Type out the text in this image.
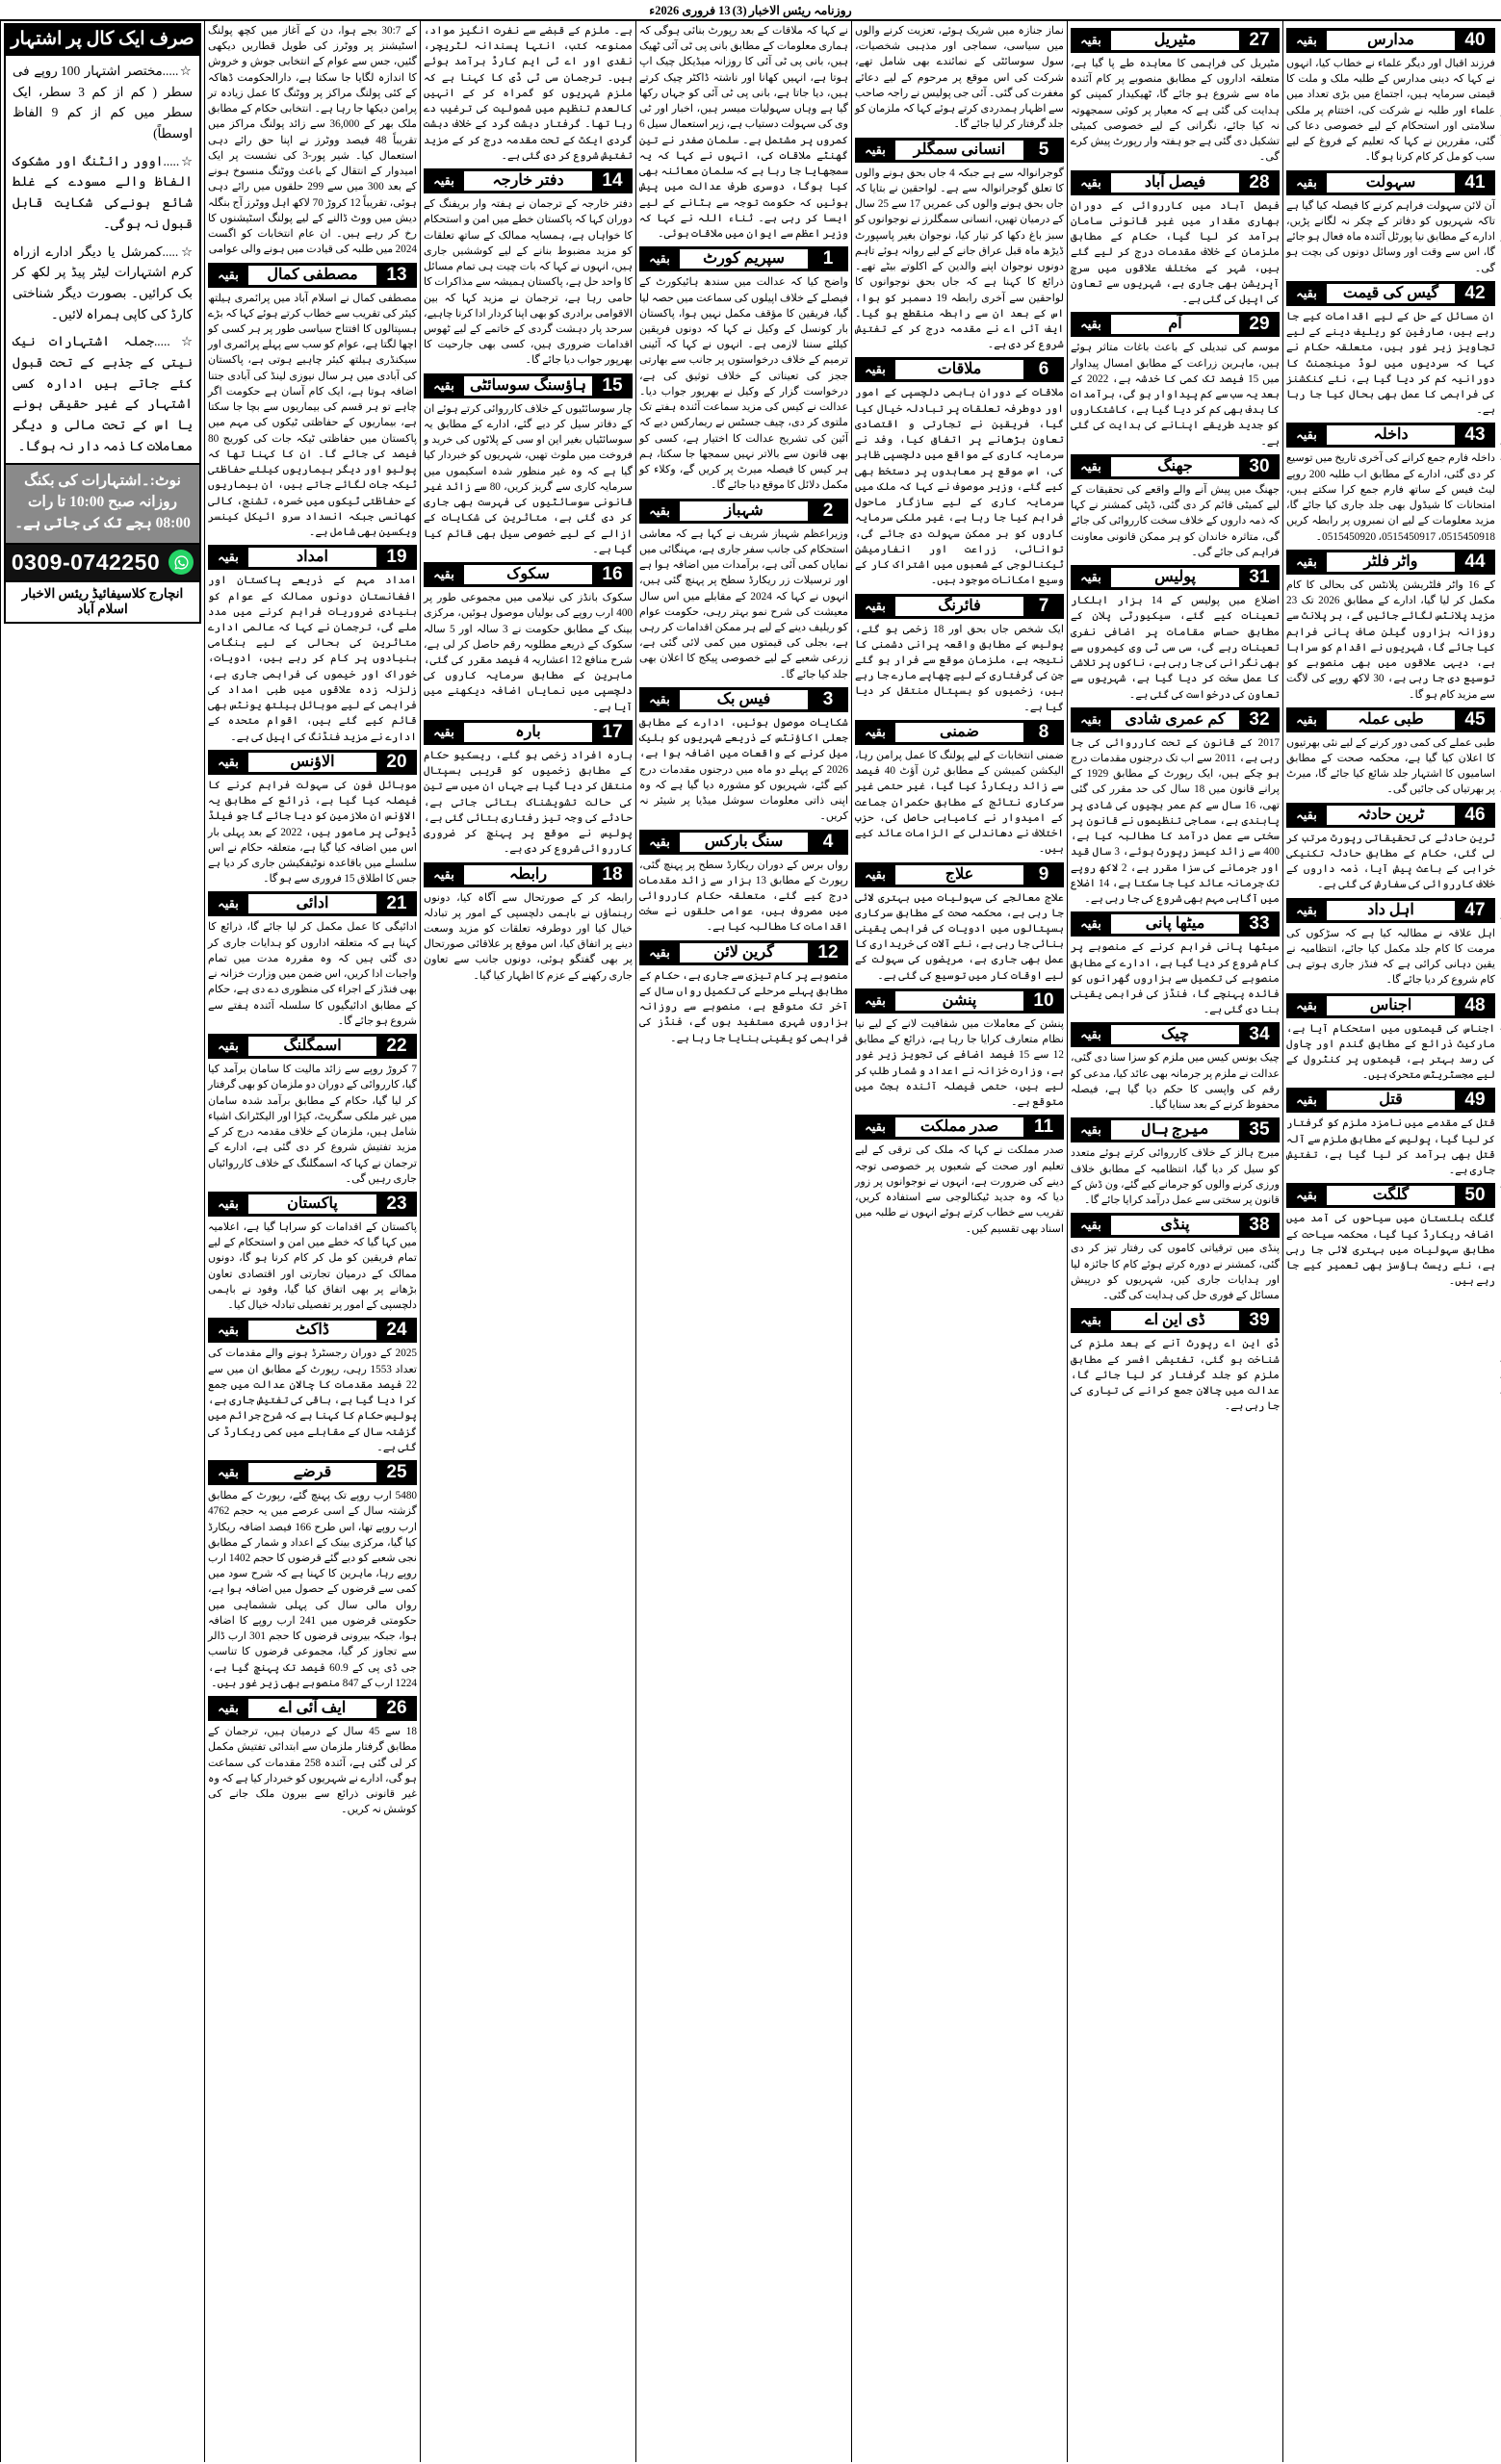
روزنامہ ریئس الاخبار
(3)
13 فروری 2026ء
صرف ایک کال پر اشتہار

☆.....مختصر اشتہار 100 روپے فی سطر ( کم از کم 3 سطر، ایک سطر میں کم از کم 9 الفاظ اوسطاً)

☆.....اوور رائٹنگ اور مشکوک الفاظ والے مسودے کے غلط شائع ہونےکی شکایت قابل قبول نہ ہوگی۔

☆.....کمرشل یا دیگر ادارے ازراہ کرم اشتہارات لیٹر پیڈ پر لکھ کر بک کرائیں۔ بصورت دیگر شناختی کارڈ کی کاپی ہمراہ لائیں۔

☆.....جملہ اشتہارات نیک نیتی کے جذبے کے تحت قبول کئے جاتے ہیں ادارہ کسی اشتہار کے غیر حقیقی ہونے یا اس کے تحت مالی و دیگر معاملات کا ذمہ دار نہ ہوگا۔

نوٹ:۔اشتہارات کی بکنگ روزانہ صبح 10:00 تا رات 08:00 بجے تک کی جاتی ہے۔
0309-0742250
انچارج کلاسیفائیڈ ریئس الاخبار اسلام آباد

کے 30:7 بجے ہوا، دن کے آغاز میں کچھ پولنگ اسٹیشنز پر ووٹرز کی طویل قطاریں دیکھی گئیں، جس سے عوام کے انتخابی جوش و خروش کا اندازہ لگایا جا سکتا ہے، دارالحکومت ڈھاکہ کے کئی پولنگ مراکز پر ووٹنگ کا عمل زیادہ تر پرامن دیکھا جا رہا ہے۔ انتخابی حکام کے مطابق ملک بھر کے 36,000 سے زائد پولنگ مراکز میں تقریباً 48 فیصد ووٹرز نے اپنا حق رائے دہی استعمال کیا۔ شیر پور-3 کی نشست پر ایک امیدوار کے انتقال کے باعث ووٹنگ منسوخ ہونے کے بعد 300 میں سے 299 حلقوں میں رائے دہی ہوئی، تقریباً 12 کروڑ 70 لاکھ اہل ووٹرز آج بنگلہ دیش میں ووٹ ڈالنے کے لیے پولنگ اسٹیشنوں کا رخ کر رہے ہیں۔ ان عام انتخابات کو اگست 2024 میں طلبہ کی قیادت میں ہونے والی عوامی

بقیہ	مصطفی کمال	13

مصطفی کمال نے اسلام آباد میں پرائمری ہیلتھ کیئر کی تقریب سے خطاب کرتے ہوئے کہا کہ بڑے ہسپتالوں کا افتتاح سیاسی طور پر ہر کسی کو اچھا لگتا ہے، عوام کو سب سے پہلے پرائمری اور سیکنڈری ہیلتھ کیئر چاہیے ہوتی ہے، پاکستان کی آبادی میں ہر سال نیوزی لینڈ کی آبادی جتنا اضافہ ہوتا ہے، ایک کام آسان ہے حکومت اگر چاہے تو ہر قسم کی بیماریوں سے بچا جا سکتا ہے، بیماریوں کے حفاظتی ٹیکوں کی مہم میں پاکستان میں حفاظتی ٹیکہ جات کی کوریج 80 فیصد کی جائے گا۔ ان کا کہنا تھا کہ پولیو اور دیگر بیماریوں کیلئے حفاظتی ٹیکہ جات لگائے جاتے ہیں، ان بیماریوں کے حفاظتی ٹیکوں میں خسرہ، تشنج، کالی کھانسی جبکہ انسداد سرو ائیکل کینسر ویکسین بھی شامل ہے۔

بقیہ	امداد	19

امداد مہم کے ذریعے پاکستان اور افغانستان دونوں ممالک کے عوام کو بنیادی ضروریات فراہم کرنے میں مدد ملے گی، ترجمان نے کہا کہ عالمی ادارے متاثرین کی بحالی کے لیے ہنگامی بنیادوں پر کام کر رہے ہیں، ادویات، خوراک اور خیموں کی فراہمی جاری ہے، زلزلہ زدہ علاقوں میں طبی امداد کی فراہمی کے لیے موبائل ہیلتھ یونٹس بھی قائم کیے گئے ہیں، اقوام متحدہ کے ادارے نے مزید فنڈنگ کی اپیل کی ہے۔

بقیہ	الاؤنس	20

موبائل فون کی سہولت فراہم کرنے کا فیصلہ کیا گیا ہے، ذرائع کے مطابق یہ الاؤنس ان ملازمین کو دیا جائے گا جو فیلڈ ڈیوٹی پر مامور ہیں، 2022 کے بعد پہلی بار اس میں اضافہ کیا گیا ہے، متعلقہ حکام نے اس سلسلے میں باقاعدہ نوٹیفکیشن جاری کر دیا ہے جس کا اطلاق 15 فروری سے ہو گا۔

بقیہ	ادائی	21

ادائیگی کا عمل مکمل کر لیا جائے گا، ذرائع کا کہنا ہے کہ متعلقہ اداروں کو ہدایات جاری کر دی گئی ہیں کہ وہ مقررہ مدت میں تمام واجبات ادا کریں، اس ضمن میں وزارت خزانہ نے بھی فنڈز کے اجراء کی منظوری دے دی ہے، حکام کے مطابق ادائیگیوں کا سلسلہ آئندہ ہفتے سے شروع ہو جائے گا۔

بقیہ	اسمگلنگ	22

7 کروڑ روپے سے زائد مالیت کا سامان برآمد کیا گیا، کارروائی کے دوران دو ملزمان کو بھی گرفتار کر لیا گیا، حکام کے مطابق برآمد شدہ سامان میں غیر ملکی سگریٹ، کپڑا اور الیکٹرانک اشیاء شامل ہیں، ملزمان کے خلاف مقدمہ درج کر کے مزید تفتیش شروع کر دی گئی ہے، ادارے کے ترجمان نے کہا کہ اسمگلنگ کے خلاف کارروائیاں جاری رہیں گی۔

بقیہ	پاکستان	23

پاکستان کے اقدامات کو سراہا گیا ہے، اعلامیہ میں کہا گیا کہ خطے میں امن و استحکام کے لیے تمام فریقین کو مل کر کام کرنا ہو گا، دونوں ممالک کے درمیان تجارتی اور اقتصادی تعاون بڑھانے پر بھی اتفاق کیا گیا، وفود نے باہمی دلچسپی کے امور پر تفصیلی تبادلہ خیال کیا۔

بقیہ	ڈاکٹ	24

2025 کے دوران رجسٹرڈ ہونے والے مقدمات کی تعداد 1553 رہی، رپورٹ کے مطابق ان میں سے 22 فیصد مقدمات کا چالان عدالت میں جمع کرا دیا گیا ہے، باقی کی تفتیش جاری ہے، پولیس حکام کا کہنا ہے کہ شرح جرائم میں گزشتہ سال کے مقابلے میں کمی ریکارڈ کی گئی ہے۔

بقیہ	قرضے	25

5480 ارب روپے تک پہنچ گئے، رپورٹ کے مطابق گزشتہ سال کے اسی عرصے میں یہ حجم 4762 ارب روپے تھا، اس طرح 166 فیصد اضافہ ریکارڈ کیا گیا، مرکزی بینک کے اعداد و شمار کے مطابق نجی شعبے کو دیے گئے قرضوں کا حجم 1402 ارب روپے رہا، ماہرین کا کہنا ہے کہ شرح سود میں کمی سے قرضوں کے حصول میں اضافہ ہوا ہے، رواں مالی سال کی پہلی ششماہی میں حکومتی قرضوں میں 241 ارب روپے کا اضافہ ہوا، جبکہ بیرونی قرضوں کا حجم 301 ارب ڈالر سے تجاوز کر گیا، مجموعی قرضوں کا تناسب جی ڈی پی کے 60.9 فیصد تک پہنچ گیا ہے، 1224 ارب کے 847 منصوبے بھی زیر غور ہیں۔

بقیہ	ایف آئی اے	26

18 سے 45 سال کے درمیان ہیں، ترجمان کے مطابق گرفتار ملزمان سے ابتدائی تفتیش مکمل کر لی گئی ہے، آئندہ 258 مقدمات کی سماعت ہو گی، ادارے نے شہریوں کو خبردار کیا ہے کہ وہ غیر قانونی ذرائع سے بیرون ملک جانے کی کوشش نہ کریں۔

ہے۔ ملزم کے قبضے سے نفرت انگیز مواد، ممنوعہ کتب، انتہا پسندانہ لٹریچر، نقدی اور اے ٹی ایم کارڈ برآمد ہوئے ہیں۔ ترجمان سی ٹی ڈی کا کہنا ہے کہ ملزم شہریوں کو گمراہ کر کے انہیں کالعدم تنظیم میں شمولیت کی ترغیب دے رہا تھا۔ گرفتار دہشت گرد کے خلاف دہشت گردی ایکٹ کے تحت مقدمہ درج کر کے مزید تفتیش شروع کر دی گئی ہے۔

بقیہ	دفتر خارجہ	14

دفتر خارجہ کے ترجمان نے ہفتہ وار بریفنگ کے دوران کہا کہ پاکستان خطے میں امن و استحکام کا خواہاں ہے، ہمسایہ ممالک کے ساتھ تعلقات کو مزید مضبوط بنانے کے لیے کوششیں جاری ہیں، انہوں نے کہا کہ بات چیت ہی تمام مسائل کا واحد حل ہے، پاکستان ہمیشہ سے مذاکرات کا حامی رہا ہے، ترجمان نے مزید کہا کہ بین الاقوامی برادری کو بھی اپنا کردار ادا کرنا چاہیے، سرحد پار دہشت گردی کے خاتمے کے لیے ٹھوس اقدامات ضروری ہیں، کسی بھی جارحیت کا بھرپور جواب دیا جائے گا۔

بقیہ	ہاؤسنگ سوسائٹی 15

چار سوسائٹیوں کے خلاف کارروائی کرتے ہوئے ان کے دفاتر سیل کر دیے گئے، ادارے کے مطابق یہ سوسائٹیاں بغیر این او سی کے پلاٹوں کی خرید و فروخت میں ملوث تھیں، شہریوں کو خبردار کیا گیا ہے کہ وہ غیر منظور شدہ اسکیموں میں سرمایہ کاری سے گریز کریں، 80 سے زائد غیر قانونی سوسائٹیوں کی فہرست بھی جاری کر دی گئی ہے، متاثرین کی شکایات کے ازالے کے لیے خصوصی سیل بھی قائم کیا گیا ہے۔

بقیہ	سکوک	16

سکوک بانڈز کی نیلامی میں مجموعی طور پر 400 ارب روپے کی بولیاں موصول ہوئیں، مرکزی بینک کے مطابق حکومت نے 3 سالہ اور 5 سالہ سکوک کے ذریعے مطلوبہ رقم حاصل کر لی ہے، شرح منافع 12 اعشاریہ 4 فیصد مقرر کی گئی، ماہرین کے مطابق سرمایہ کاروں کی دلچسپی میں نمایاں اضافہ دیکھنے میں آیا ہے۔

بقیہ	بارہ	17

بارہ افراد زخمی ہو گئے، ریسکیو حکام کے مطابق زخمیوں کو قریبی ہسپتال منتقل کر دیا گیا ہے جہاں ان میں سے تین کی حالت تشویشناک بتائی جاتی ہے، حادثے کی وجہ تیز رفتاری بتائی گئی ہے، پولیس نے موقع پر پہنچ کر ضروری کارروائی شروع کر دی ہے۔

بقیہ	رابطہ	18

رابطہ کر کے صورتحال سے آگاہ کیا، دونوں رہنماؤں نے باہمی دلچسپی کے امور پر تبادلہ خیال کیا اور دوطرفہ تعلقات کو مزید وسعت دینے پر اتفاق کیا، اس موقع پر علاقائی صورتحال پر بھی گفتگو ہوئی، دونوں جانب سے تعاون جاری رکھنے کے عزم کا اظہار کیا گیا۔

نے کہا کہ ملاقات کے بعد رپورٹ بنائی ہوگی کہ ہماری معلومات کے مطابق بانی پی ٹی آئی ٹھیک ہیں، بانی پی ٹی آئی کا روزانہ میڈیکل چیک اپ ہوتا ہے، انہیں کھانا اور ناشتہ ڈاکٹر چیک کرتے ہیں، دیا جاتا ہے، بانی پی ٹی آئی کو جہاں رکھا گیا ہے وہاں سہولیات میسر ہیں، اخبار اور ٹی وی کی سہولت دستیاب ہے، زیر استعمال سیل 6 کمروں پر مشتمل ہے۔ سلمان صفدر نے تین گھنٹے ملاقات کی، انہوں نے کہا کہ یہ سمجھایا جا رہا ہے کہ سلمان معائنہ بھی کیا ہوگا، دوسری طرف عدالت میں پیش ہوئیں کہ حکومت توجہ سے ہٹانے کے لیے ایسا کر رہی ہے۔ ثناء اللہ نے کہا کہ وزیر اعظم سے ایوان میں ملاقات ہوئی۔

بقیہ	سپریم کورٹ	1

واضح کیا کہ عدالت میں سندھ ہائیکورٹ کے فیصلے کے خلاف اپیلوں کی سماعت میں حصہ لیا گیا، فریقین کا مؤقف مکمل نہیں ہوا، پاکستان بار کونسل کے وکیل نے کہا کہ دونوں فریقین کیلئے سننا لازمی ہے۔ انہوں نے کہا کہ آئینی ترمیم کے خلاف درخواستوں پر جانب سے بھارتی ججز کی تعیناتی کے خلاف توثیق کی ہے، درخواست گزار کے وکیل نے بھرپور جواب دیا۔ عدالت نے کیس کی مزید سماعت آئندہ ہفتے تک ملتوی کر دی، چیف جسٹس نے ریمارکس دیے کہ آئین کی تشریح عدالت کا اختیار ہے، کسی کو بھی قانون سے بالاتر نہیں سمجھا جا سکتا، ہم ہر کیس کا فیصلہ میرٹ پر کریں گے، وکلاء کو مکمل دلائل کا موقع دیا جائے گا۔

بقیہ	شہباز	2

وزیراعظم شہباز شریف نے کہا ہے کہ معاشی استحکام کی جانب سفر جاری ہے، مہنگائی میں نمایاں کمی آئی ہے، برآمدات میں اضافہ ہوا ہے اور ترسیلات زر ریکارڈ سطح پر پہنچ گئی ہیں، انہوں نے کہا کہ 2024 کے مقابلے میں اس سال معیشت کی شرح نمو بہتر رہی، حکومت عوام کو ریلیف دینے کے لیے ہر ممکن اقدامات کر رہی ہے، بجلی کی قیمتوں میں کمی لائی گئی ہے، زرعی شعبے کے لیے خصوصی پیکج کا اعلان بھی جلد کیا جائے گا۔

بقیہ	فیس بک	3

شکایات موصول ہوئیں، ادارے کے مطابق جعلی اکاؤنٹس کے ذریعے شہریوں کو بلیک میل کرنے کے واقعات میں اضافہ ہوا ہے، 2026 کے پہلے دو ماہ میں درجنوں مقدمات درج کیے گئے، شہریوں کو مشورہ دیا گیا ہے کہ وہ اپنی ذاتی معلومات سوشل میڈیا پر شیئر نہ کریں۔

بقیہ	سنگ بارکس	4

رواں برس کے دوران ریکارڈ سطح پر پہنچ گئی، رپورٹ کے مطابق 13 ہزار سے زائد مقدمات درج کیے گئے، متعلقہ حکام کارروائی میں مصروف ہیں، عوامی حلقوں نے سخت اقدامات کا مطالبہ کیا ہے۔

بقیہ	گرین لائن	12

منصوبے پر کام تیزی سے جاری ہے، حکام کے مطابق پہلے مرحلے کی تکمیل رواں سال کے آخر تک متوقع ہے، منصوبے سے روزانہ ہزاروں شہری مستفید ہوں گے، فنڈز کی فراہمی کو یقینی بنایا جا رہا ہے۔

نماز جنازہ میں شریک ہوئے، تعزیت کرنے والوں میں سیاسی، سماجی اور مذہبی شخصیات، سول سوسائٹی کے نمائندے بھی شامل تھے، شرکت کی اس موقع پر مرحوم کے لیے دعائے مغفرت کی گئی۔ آئی جی پولیس نے راجہ صاحب سے اظہار ہمدردی کرتے ہوئے کہا کہ ملزمان کو جلد گرفتار کر لیا جائے گا۔

بقیہ	انسانی سمگلر	5

گوجرانوالہ سے ہے جبکہ 4 جاں بحق ہونے والوں کا تعلق گوجرانوالہ سے ہے۔ لواحقین نے بتایا کہ جاں بحق ہونے والوں کی عمریں 17 سے 25 سال کے درمیان تھیں، انسانی سمگلرز نے نوجوانوں کو سبز باغ دکھا کر تیار کیا، نوجوان بغیر پاسپورٹ ڈیڑھ ماہ قبل عراق جانے کے لیے روانہ ہوئے تاہم دونوں نوجوان اپنے والدین کے اکلوتے بیٹے تھے۔ ذرائع کا کہنا ہے کہ جاں بحق نوجوانوں کا لواحقین سے آخری رابطہ 19 دسمبر کو ہوا، اس کے بعد ان سے رابطہ منقطع ہو گیا۔ ایف آئی اے نے مقدمہ درج کر کے تفتیش شروع کر دی ہے۔

بقیہ	ملاقات	6

ملاقات کے دوران باہمی دلچسپی کے امور اور دوطرفہ تعلقات پر تبادلہ خیال کیا گیا، فریقین نے تجارتی و اقتصادی تعاون بڑھانے پر اتفاق کیا، وفد نے سرمایہ کاری کے مواقع میں دلچسپی ظاہر کی، اس موقع پر معاہدوں پر دستخط بھی کیے گئے، وزیر موصوف نے کہا کہ ملک میں سرمایہ کاری کے لیے سازگار ماحول فراہم کیا جا رہا ہے، غیر ملکی سرمایہ کاروں کو ہر ممکن سہولت دی جائے گی، توانائی، زراعت اور انفارمیشن ٹیکنالوجی کے شعبوں میں اشتراک کار کے وسیع امکانات موجود ہیں۔

بقیہ	فائرنگ	7

ایک شخص جاں بحق اور 18 زخمی ہو گئے، پولیس کے مطابق واقعہ پرانی دشمنی کا نتیجہ ہے، ملزمان موقع سے فرار ہو گئے جن کی گرفتاری کے لیے چھاپے مارے جا رہے ہیں، زخمیوں کو ہسپتال منتقل کر دیا گیا ہے۔

بقیہ	ضمنی	8

ضمنی انتخابات کے لیے پولنگ کا عمل پرامن رہا، الیکشن کمیشن کے مطابق ٹرن آؤٹ 40 فیصد سے زائد ریکارڈ کیا گیا، غیر حتمی غیر سرکاری نتائج کے مطابق حکمران جماعت کے امیدوار نے کامیابی حاصل کی، حزب اختلاف نے دھاندلی کے الزامات عائد کیے ہیں۔

بقیہ	علاج	9

علاج معالجے کی سہولیات میں بہتری لائی جا رہی ہے، محکمہ صحت کے مطابق سرکاری ہسپتالوں میں ادویات کی فراہمی یقینی بنائی جا رہی ہے، نئے آلات کی خریداری کا عمل بھی جاری ہے، مریضوں کی سہولت کے لیے اوقات کار میں توسیع کی گئی ہے۔

بقیہ	پنشن	10

پنشن کے معاملات میں شفافیت لانے کے لیے نیا نظام متعارف کرایا جا رہا ہے، ذرائع کے مطابق 12 سے 15 فیصد اضافے کی تجویز زیر غور ہے، وزارت خزانہ نے اعداد و شمار طلب کر لیے ہیں، حتمی فیصلہ آئندہ بجٹ میں متوقع ہے۔

بقیہ	صدر مملکت	11

صدر مملکت نے کہا کہ ملک کی ترقی کے لیے تعلیم اور صحت کے شعبوں پر خصوصی توجہ دینے کی ضرورت ہے، انہوں نے نوجوانوں پر زور دیا کہ وہ جدید ٹیکنالوجی سے استفادہ کریں، تقریب سے خطاب کرتے ہوئے انہوں نے طلبہ میں اسناد بھی تقسیم کیں۔

بقیہ	مٹیریل	27

مٹیریل کی فراہمی کا معاہدہ طے پا گیا ہے، متعلقہ اداروں کے مطابق منصوبے پر کام آئندہ ماہ سے شروع ہو جائے گا، ٹھیکیدار کمپنی کو ہدایت کی گئی ہے کہ معیار پر کوئی سمجھوتہ نہ کیا جائے، نگرانی کے لیے خصوصی کمیٹی تشکیل دی گئی ہے جو ہفتہ وار رپورٹ پیش کرے گی۔

بقیہ	فیصل آباد	28

فیصل آباد میں کارروائی کے دوران بھاری مقدار میں غیر قانونی سامان برآمد کر لیا گیا، حکام کے مطابق ملزمان کے خلاف مقدمات درج کر لیے گئے ہیں، شہر کے مختلف علاقوں میں سرچ آپریشن بھی جاری ہے، شہریوں سے تعاون کی اپیل کی گئی ہے۔

بقیہ	آم	29

موسم کی تبدیلی کے باعث باغات متاثر ہوئے ہیں، ماہرین زراعت کے مطابق امسال پیداوار میں 15 فیصد تک کمی کا خدشہ ہے، 2022 کے بعد یہ سب سے کم پیداوار ہو گی، برآمدات کا ہدف بھی کم کر دیا گیا ہے، کاشتکاروں کو جدید طریقے اپنانے کی ہدایت کی گئی ہے۔

بقیہ	جھنگ	30

جھنگ میں پیش آنے والے واقعے کی تحقیقات کے لیے کمیٹی قائم کر دی گئی، ڈپٹی کمشنر نے کہا کہ ذمہ داروں کے خلاف سخت کارروائی کی جائے گی، متاثرہ خاندان کو ہر ممکن قانونی معاونت فراہم کی جائے گی۔

بقیہ	پولیس	31

اضلاع میں پولیس کے 14 ہزار اہلکار تعینات کیے گئے، سیکیورٹی پلان کے مطابق حساس مقامات پر اضافی نفری تعینات رہے گی، سی سی ٹی وی کیمروں سے بھی نگرانی کی جا رہی ہے، ناکوں پر تلاشی کا عمل سخت کر دیا گیا ہے، شہریوں سے تعاون کی درخواست کی گئی ہے۔

بقیہ	کم عمری شادی	32

2017 کے قانون کے تحت کارروائی کی جا رہی ہے، 2011 سے اب تک درجنوں مقدمات درج ہو چکے ہیں، ایک رپورٹ کے مطابق 1929 کے پرانے قانون میں 18 سال کی حد مقرر کی گئی تھی، 16 سال سے کم عمر بچیوں کی شادی پر پابندی ہے، سماجی تنظیموں نے قانون پر سختی سے عمل درآمد کا مطالبہ کیا ہے، 400 سے زائد کیسز رپورٹ ہوئے، 3 سال قید اور جرمانے کی سزا مقرر ہے، 2 لاکھ روپے تک جرمانہ عائد کیا جا سکتا ہے، 14 اضلاع میں آگاہی مہم بھی شروع کی جا رہی ہے۔

بقیہ	میٹھا پانی	33

میٹھا پانی فراہم کرنے کے منصوبے پر کام شروع کر دیا گیا ہے، ادارے کے مطابق منصوبے کی تکمیل سے ہزاروں گھرانوں کو فائدہ پہنچے گا، فنڈز کی فراہمی یقینی بنا دی گئی ہے۔

بقیہ	چیک	34

چیک بونس کیس میں ملزم کو سزا سنا دی گئی، عدالت نے ملزم پر جرمانہ بھی عائد کیا، مدعی کو رقم کی واپسی کا حکم دیا گیا ہے، فیصلہ محفوظ کرنے کے بعد سنایا گیا۔

بقیہ	میرج ہال	35

میرج ہالز کے خلاف کارروائی کرتے ہوئے متعدد کو سیل کر دیا گیا، انتظامیہ کے مطابق خلاف ورزی کرنے والوں کو جرمانے کیے گئے، ون ڈش کے قانون پر سختی سے عمل درآمد کرایا جائے گا۔

بقیہ	پنڈی	38

پنڈی میں ترقیاتی کاموں کی رفتار تیز کر دی گئی، کمشنر نے دورہ کرتے ہوئے کام کا جائزہ لیا اور ہدایات جاری کیں، شہریوں کو درپیش مسائل کے فوری حل کی ہدایت کی گئی۔

بقیہ	ڈی این اے	39

ڈی این اے رپورٹ آنے کے بعد ملزم کی شناخت ہو گئی، تفتیشی افسر کے مطابق ملزم کو جلد گرفتار کر لیا جائے گا، عدالت میں چالان جمع کرانے کی تیاری کی جا رہی ہے۔

بقیہ	مدارس	40

فرزند اقبال اور دیگر علماء نے خطاب کیا، انہوں نے کہا کہ دینی مدارس کے طلبہ ملک و ملت کا قیمتی سرمایہ ہیں، اجتماع میں بڑی تعداد میں علماء اور طلبہ نے شرکت کی، اختتام پر ملکی سلامتی اور استحکام کے لیے خصوصی دعا کی گئی، مقررین نے کہا کہ تعلیم کے فروغ کے لیے سب کو مل کر کام کرنا ہو گا۔

بقیہ	سہولت	41

آن لائن سہولت فراہم کرنے کا فیصلہ کیا گیا ہے تاکہ شہریوں کو دفاتر کے چکر نہ لگانے پڑیں، ادارے کے مطابق نیا پورٹل آئندہ ماہ فعال ہو جائے گا، اس سے وقت اور وسائل دونوں کی بچت ہو گی۔

بقیہ	گیس کی قیمت	42

ان مسائل کے حل کے لیے اقدامات کیے جا رہے ہیں، صارفین کو ریلیف دینے کے لیے تجاویز زیر غور ہیں، متعلقہ حکام نے کہا کہ سردیوں میں لوڈ مینجمنٹ کا دورانیہ کم کر دیا گیا ہے، نئے کنکشنز کی فراہمی کا عمل بھی بحال کیا جا رہا ہے۔

بقیہ	داخلہ	43

داخلہ فارم جمع کرانے کی آخری تاریخ میں توسیع کر دی گئی، ادارے کے مطابق اب طلبہ 200 روپے لیٹ فیس کے ساتھ فارم جمع کرا سکتے ہیں، امتحانات کا شیڈول بھی جلد جاری کیا جائے گا، مزید معلومات کے لیے ان نمبروں پر رابطہ کریں 0515450918، 0515450917، 0515450920۔

بقیہ	واٹر فلٹر	44

کے 16 واٹر فلٹریشن پلانٹس کی بحالی کا کام مکمل کر لیا گیا، ادارے کے مطابق 2026 تک 23 مزید پلانٹس لگائے جائیں گے، ہر پلانٹ سے روزانہ ہزاروں گیلن صاف پانی فراہم کیا جائے گا، شہریوں نے اقدام کو سراہا ہے، دیہی علاقوں میں بھی منصوبے کو توسیع دی جا رہی ہے، 30 لاکھ روپے کی لاگت سے مزید کام ہو گا۔

بقیہ	طبی عملہ	45

طبی عملے کی کمی دور کرنے کے لیے نئی بھرتیوں کا اعلان کیا گیا ہے، محکمہ صحت کے مطابق اسامیوں کا اشتہار جلد شائع کیا جائے گا، میرٹ پر بھرتیاں کی جائیں گی۔

بقیہ	ٹرین حادثہ	46

ٹرین حادثے کی تحقیقاتی رپورٹ مرتب کر لی گئی، حکام کے مطابق حادثہ تکنیکی خرابی کے باعث پیش آیا، ذمہ داروں کے خلاف کارروائی کی سفارش کی گئی ہے۔

بقیہ	اہل داد	47

اہل علاقہ نے مطالبہ کیا ہے کہ سڑکوں کی مرمت کا کام جلد مکمل کیا جائے، انتظامیہ نے یقین دہانی کرائی ہے کہ فنڈز جاری ہوتے ہی کام شروع کر دیا جائے گا۔

بقیہ	اجناس	48

اجناس کی قیمتوں میں استحکام آیا ہے، مارکیٹ ذرائع کے مطابق گندم اور چاول کی رسد بہتر ہے، قیمتوں پر کنٹرول کے لیے مجسٹریٹس متحرک ہیں۔

بقیہ	قتل	49

قتل کے مقدمے میں نامزد ملزم کو گرفتار کر لیا گیا، پولیس کے مطابق ملزم سے آلہ قتل بھی برآمد کر لیا گیا ہے، تفتیش جاری ہے۔

بقیہ	گلگت	50

گلگت بلتستان میں سیاحوں کی آمد میں اضافہ ریکارڈ کیا گیا، محکمہ سیاحت کے مطابق سہولیات میں بہتری لائی جا رہی ہے، نئے ریسٹ ہاؤسز بھی تعمیر کیے جا رہے ہیں۔
